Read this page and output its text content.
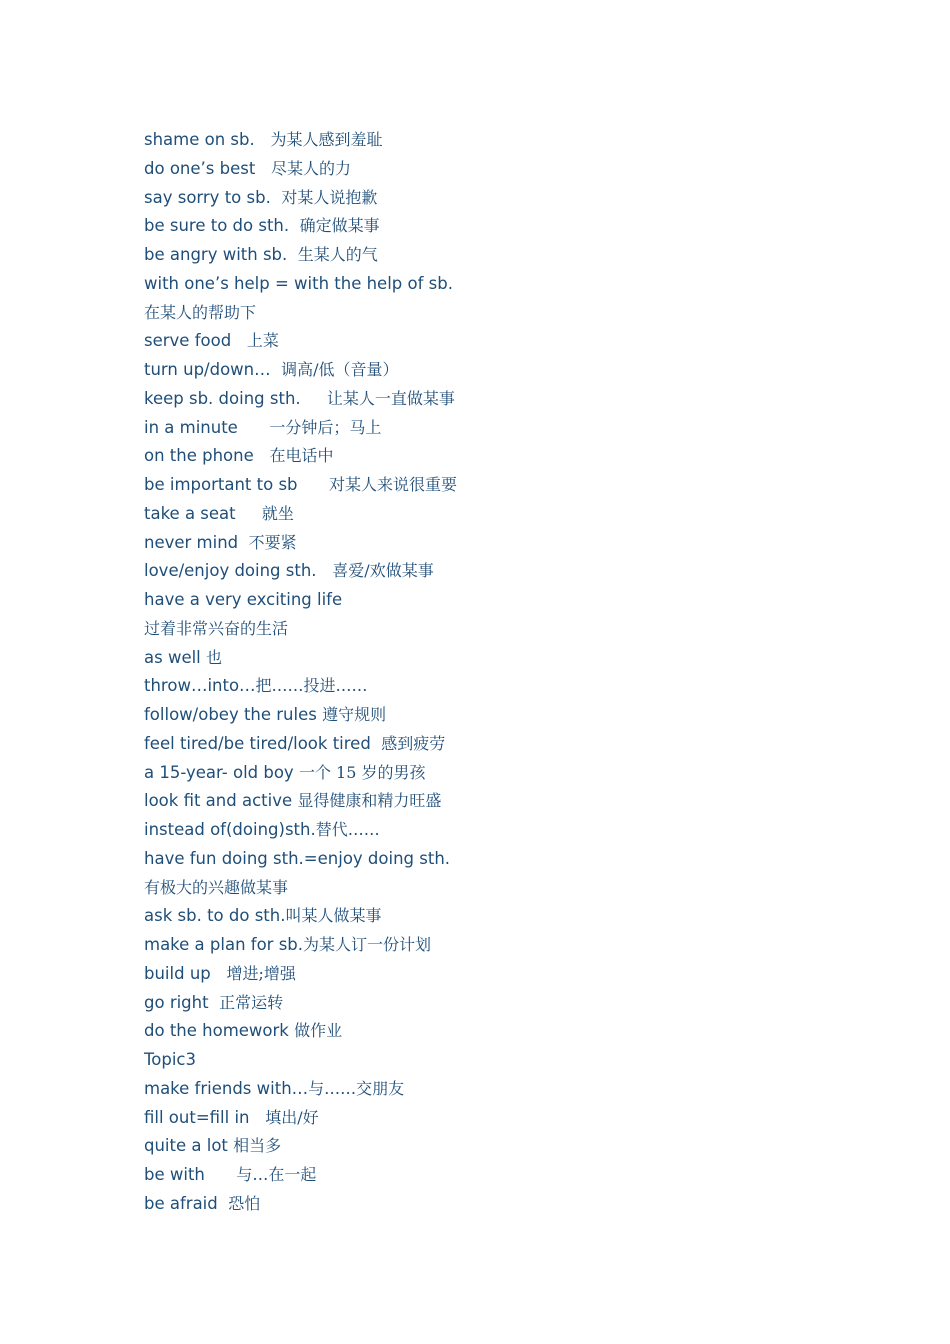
shame on sb.   为某人感到羞耻
do one’s best   尽某人的力
say sorry to sb.  对某人说抱歉
be sure to do sth.  确定做某事
be angry with sb.  生某人的气
with one’s help = with the help of sb.
在某人的帮助下
serve food   上菜
turn up/down…  调高/低（音量）
keep sb. doing sth.     让某人一直做某事
in a minute      一分钟后；马上
on the phone   在电话中
be important to sb      对某人来说很重要
take a seat     就坐
never mind  不要紧
love/enjoy doing sth.   喜爱/欢做某事
have a very exciting life
过着非常兴奋的生活
as well 也
throw…into…把……投进……
follow/obey the rules 遵守规则
feel tired/be tired/look tired  感到疲劳
a 15-year- old boy 一个 15 岁的男孩
look fit and active 显得健康和精力旺盛
instead of(doing)sth.替代……
have fun doing sth.=enjoy doing sth.
有极大的兴趣做某事
ask sb. to do sth.叫某人做某事
make a plan for sb.为某人订一份计划
build up   增进;增强
go right  正常运转
do the homework 做作业
Topic3
make friends with…与……交朋友
fill out=fill in   填出/好
quite a lot 相当多
be with      与…在一起
be afraid  恐怕
